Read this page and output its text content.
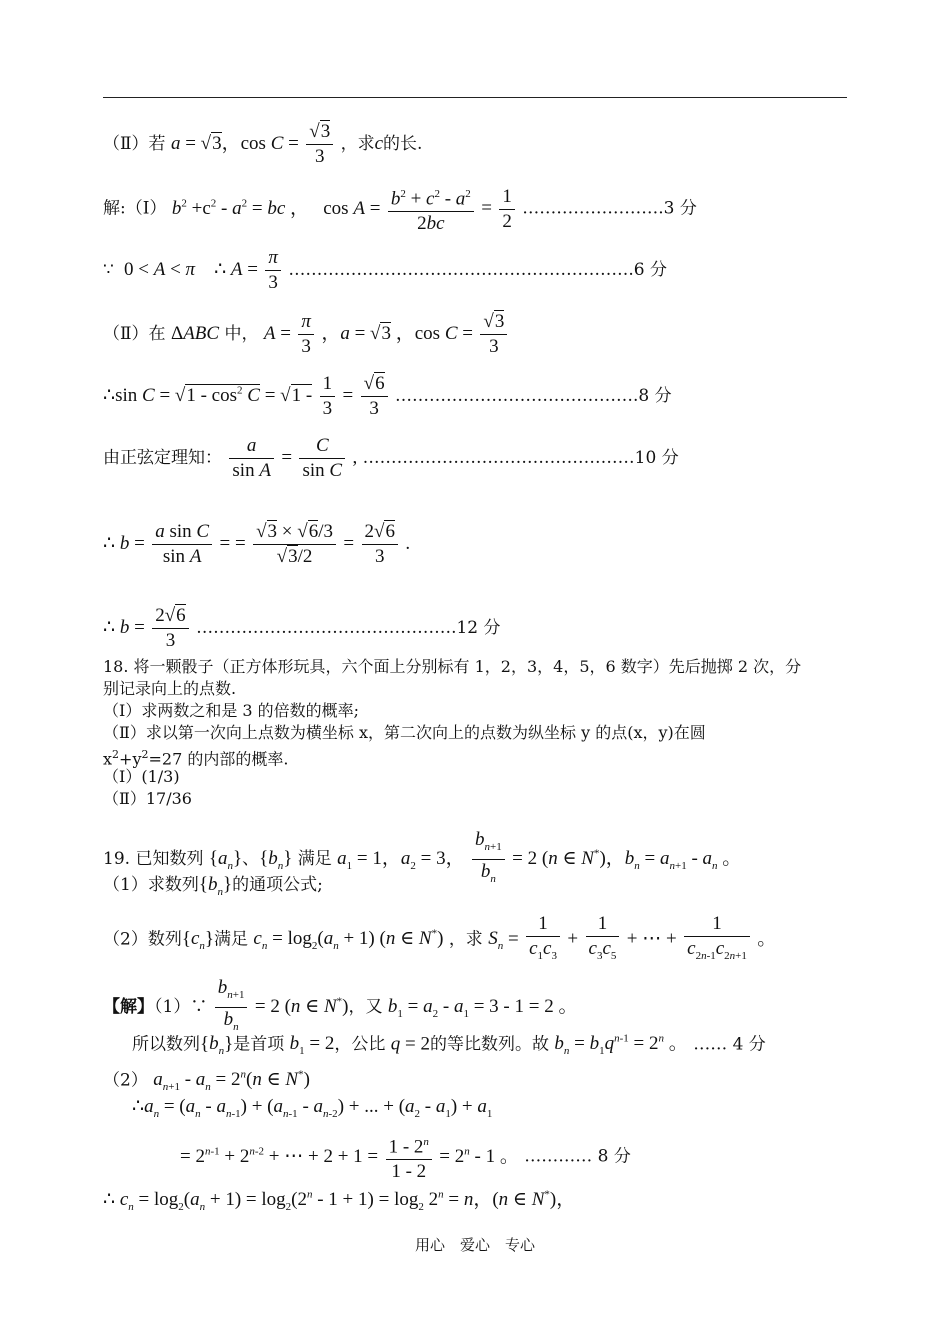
（Ⅱ）若 a = √3，$\cos C = \frac{√3}{3}$ ，求c的长.
解:（Ⅰ） $b^2 +c^2 - a^2$ = bc ，   $\cos A = \frac{b^2 + c^2 - a^2}{2bc} = \frac{1}{2}$ …………………….3 分
∵  0 < A < π    ∴ $A = \frac{\pi}{3}$ …………………………………………………….6 分
（Ⅱ）在 ΔABC 中， $A = \frac{\pi}{3}$ ，a = √3 ，$\cos C = \frac{√3}{3}$
∴sin $C = √1 - \cos^2 C = √1 - \frac{1}{3} = \frac{√6}{3}$ …………………………………….8 分
由正弦定理知： $\frac{a}{\text{sin A}} = \frac{C}{\text{sin C}}$ , …………………………………………10 分
∴ $b = \frac{\text{a sin C}}{\text{sin A}}$ = = $\frac{√3 \times √6/3}{√3/2} = \frac{2√6}{3}$ .
∴ $b = \frac{2√6}{3}$ ……………………………………….12 分
18. 将一颗骰子（正方体形玩具，六个面上分别标有 1，2，3，4，5，6 数字）先后抛掷 2 次，分
别记录向上的点数.
（Ⅰ）求两数之和是 3 的倍数的概率;
（Ⅱ）求以第一次向上点数为横坐标 x，第二次向上的点数为纵坐标 y 的点(x，y)在圆
$x^2+y^2=27$ 的内部的概率.
（Ⅰ）(1/3)
（Ⅱ）17/36
19. 已知数列 $\{a_n\}$、$\{b_n\}$ 满足 $a_1 = 1$，$a_2 = 3$， $\frac{b_{n+1}}{b_n} = 2$ (n ∈ N*)，$b_n = a_{n+1} - a_n$ 。
（1）求数列$\{b_n\}$的通项公式;
（2）数列$\{c_n\}$满足 $c_n = \log_2(a_n + 1)$ (n ∈ N*) ，求 $S_n = \frac{1}{c_1c_3} + \frac{1}{c_3c_5}$ + ⋯ + $\frac{1}{c_{2n-1}c_{2n+1}}$ 。
【解】（1）∵ $\frac{b_{n+1}}{b_n} = 2$ (n ∈ N*)，又 $b_1 = a_2 - a_1 = 3 - 1 = 2$ 。
所以数列$\{b_n\}$是首项 $b_1 = 2$，公比 q = 2的等比数列。故 $b_n = b_1q^{n-1} = 2^n$ 。 …… 4 分
（2） $a_{n+1} - a_n = 2^n(n$ ∈ N*)
$\therefore a_n = (a_n - a_{n-1}) + (a_{n-1} - a_{n-2})$ + ... + $(a_2 - a_1) + a_1$
= $2^{n-1} + 2^{n-2}$ + ⋯ + $2 + 1 = \frac{1 - 2^n}{1 - 2} = 2^n - 1$ 。 ………… 8 分
∴ $c_n = \log_2(a_n + 1) = \log_2(2^n - 1 + 1) = \log_2 2^n = n$，(n ∈ N*)，
用心　爱心　专心
